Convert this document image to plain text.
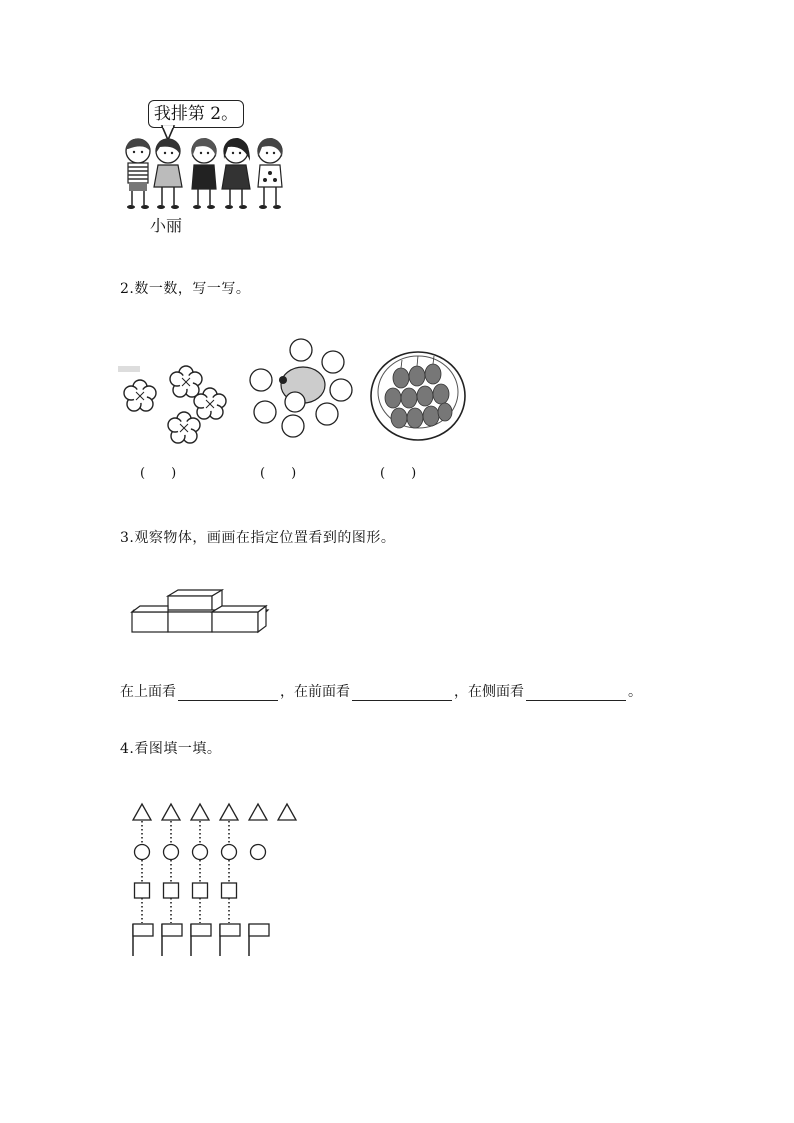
我排第 2。
小丽
2.数一数，写一写。
(　　)	(　　)	(　　)
3.观察物体，画画在指定位置看到的图形。
在上面看	，在前面看	，在侧面看	。
4.看图填一填。
